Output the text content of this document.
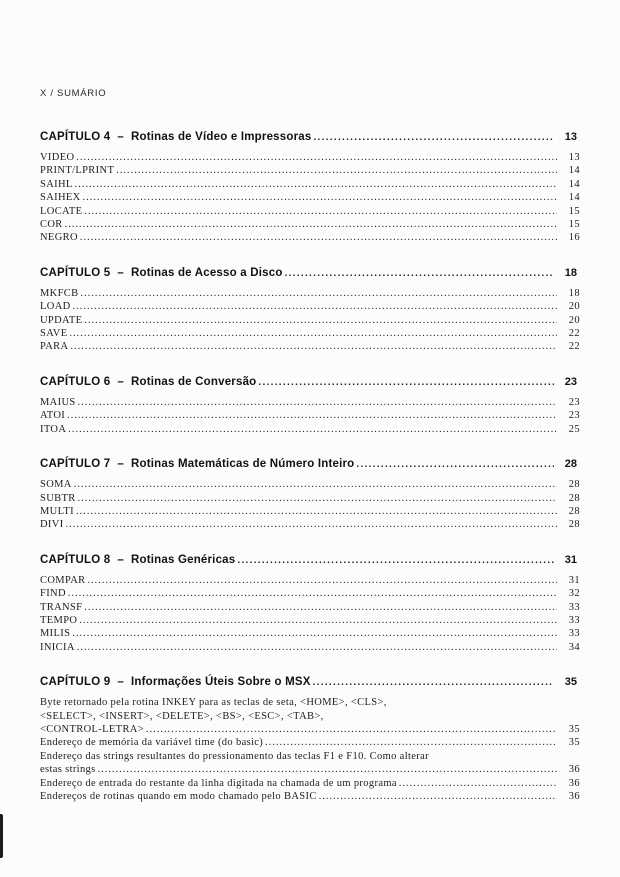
X / SUMÁRIO
CAPÍTULO 4 – Rotinas de Vídeo e Impressoras .....	13
VIDEO .....	13
PRINT/LPRINT .....	14
SAIHL .....	14
SAIHEX .....	14
LOCATE .....	15
COR .....	15
NEGRO .....	16
CAPÍTULO 5 – Rotinas de Acesso a Disco .....	18
MKFCB .....	18
LOAD .....	20
UPDATE .....	20
SAVE .....	22
PARA .....	22
CAPÍTULO 6 – Rotinas de Conversão .....	23
MAIUS .....	23
ATOI .....	23
ITOA .....	25
CAPÍTULO 7 – Rotinas Matemáticas de Número Inteiro .....	28
SOMA .....	28
SUBTR .....	28
MULTI .....	28
DIVI .....	28
CAPÍTULO 8 – Rotinas Genéricas .....	31
COMPAR .....	31
FIND .....	32
TRANSF .....	33
TEMPO .....	33
MILIS .....	33
INICIA .....	34
CAPÍTULO 9 – Informações Úteis Sobre o MSX .....	35
Byte retornado pela rotina INKEY para as teclas de seta, <HOME>, <CLS>,
<SELECT>, <INSERT>, <DELETE>, <BS>, <ESC>, <TAB>,
<CONTROL-LETRA> .....	35
Endereço de memória da variável time (do basic) .....	35
Endereço das strings resultantes do pressionamento das teclas F1 e F10. Como alterar
estas strings .....	36
Endereço de entrada do restante da linha digitada na chamada de um programa .....	36
Endereços de rotinas quando em modo chamado pelo BASIC .....	36
